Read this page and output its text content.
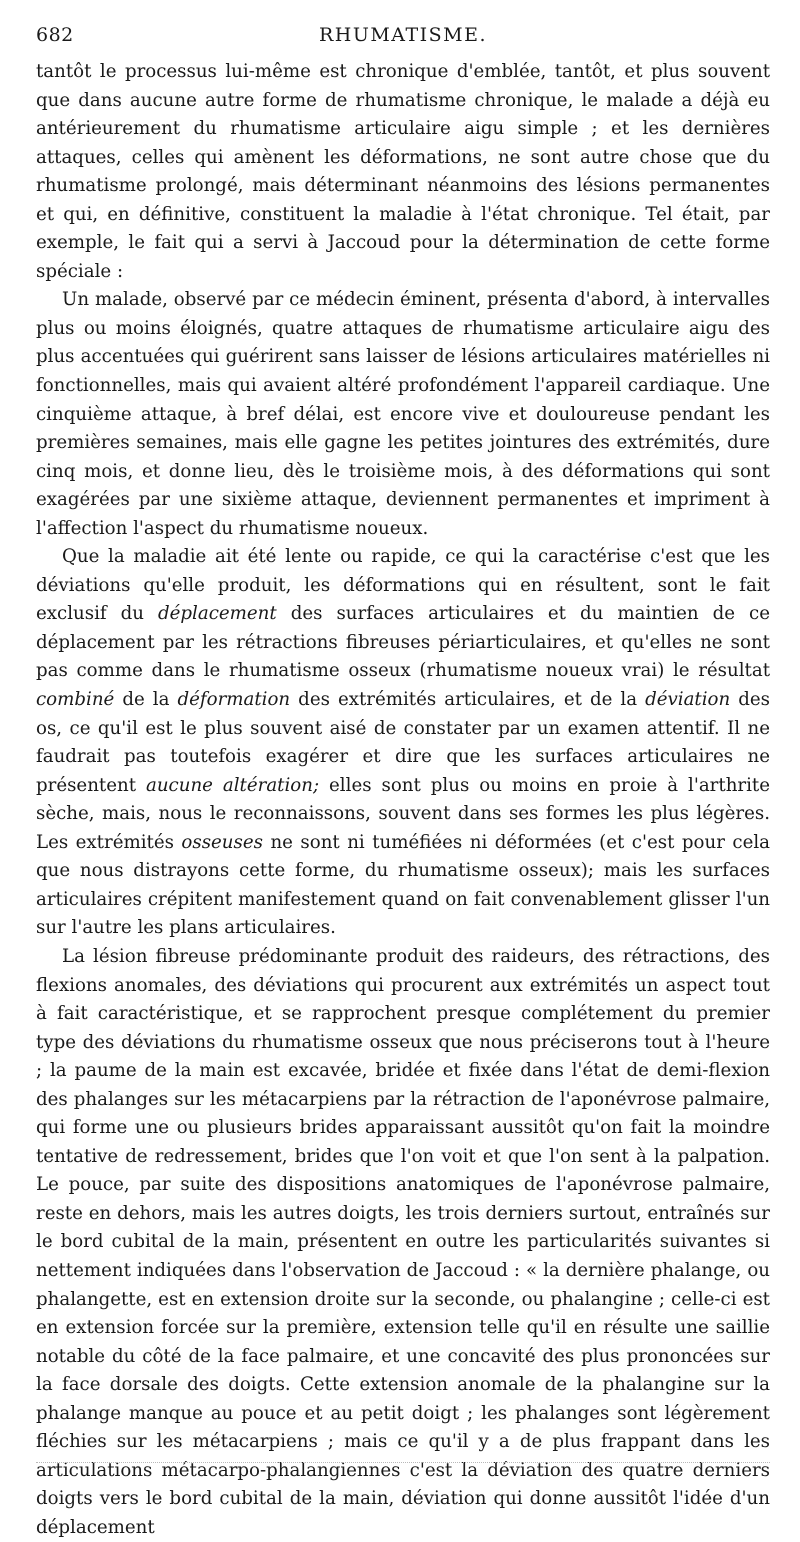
682	RHUMATISME.

tantôt le processus lui-même est chronique d'emblée, tantôt, et plus souvent que dans aucune autre forme de rhumatisme chronique, le malade a déjà eu antérieurement du rhumatisme articulaire aigu simple ; et les dernières attaques, celles qui amènent les déformations, ne sont autre chose que du rhumatisme prolongé, mais déterminant néanmoins des lésions permanentes et qui, en définitive, constituent la maladie à l'état chronique. Tel était, par exemple, le fait qui a servi à Jaccoud pour la détermination de cette forme spéciale :

Un malade, observé par ce médecin éminent, présenta d'abord, à intervalles plus ou moins éloignés, quatre attaques de rhumatisme articulaire aigu des plus accentuées qui guérirent sans laisser de lésions articulaires matérielles ni fonctionnelles, mais qui avaient altéré profondément l'appareil cardiaque. Une cinquième attaque, à bref délai, est encore vive et douloureuse pendant les premières semaines, mais elle gagne les petites jointures des extrémités, dure cinq mois, et donne lieu, dès le troisième mois, à des déformations qui sont exagérées par une sixième attaque, deviennent permanentes et impriment à l'affection l'aspect du rhumatisme noueux.

Que la maladie ait été lente ou rapide, ce qui la caractérise c'est que les déviations qu'elle produit, les déformations qui en résultent, sont le fait exclusif du déplacement des surfaces articulaires et du maintien de ce déplacement par les rétractions fibreuses périarticulaires, et qu'elles ne sont pas comme dans le rhumatisme osseux (rhumatisme noueux vrai) le résultat combiné de la déformation des extrémités articulaires, et de la déviation des os, ce qu'il est le plus souvent aisé de constater par un examen attentif. Il ne faudrait pas toutefois exagérer et dire que les surfaces articulaires ne présentent aucune altération; elles sont plus ou moins en proie à l'arthrite sèche, mais, nous le reconnaissons, souvent dans ses formes les plus légères. Les extrémités osseuses ne sont ni tuméfiées ni déformées (et c'est pour cela que nous distrayons cette forme, du rhumatisme osseux); mais les surfaces articulaires crépitent manifestement quand on fait convenablement glisser l'un sur l'autre les plans articulaires.

La lésion fibreuse prédominante produit des raideurs, des rétractions, des flexions anomales, des déviations qui procurent aux extrémités un aspect tout à fait caractéristique, et se rapprochent presque complétement du premier type des déviations du rhumatisme osseux que nous préciserons tout à l'heure ; la paume de la main est excavée, bridée et fixée dans l'état de demi-flexion des phalanges sur les métacarpiens par la rétraction de l'aponévrose palmaire, qui forme une ou plusieurs brides apparaissant aussitôt qu'on fait la moindre tentative de redressement, brides que l'on voit et que l'on sent à la palpation. Le pouce, par suite des dispositions anatomiques de l'aponévrose palmaire, reste en dehors, mais les autres doigts, les trois derniers surtout, entraînés sur le bord cubital de la main, présentent en outre les particularités suivantes si nettement indiquées dans l'observation de Jaccoud : « la dernière phalange, ou phalangette, est en extension droite sur la seconde, ou phalangine ; celle-ci est en extension forcée sur la première, extension telle qu'il en résulte une saillie notable du côté de la face palmaire, et une concavité des plus prononcées sur la face dorsale des doigts. Cette extension anomale de la phalangine sur la phalange manque au pouce et au petit doigt ; les phalanges sont légèrement fléchies sur les métacarpiens ; mais ce qu'il y a de plus frappant dans les articulations métacarpo-phalangiennes c'est la déviation des quatre derniers doigts vers le bord cubital de la main, déviation qui donne aussitôt l'idée d'un déplacement
